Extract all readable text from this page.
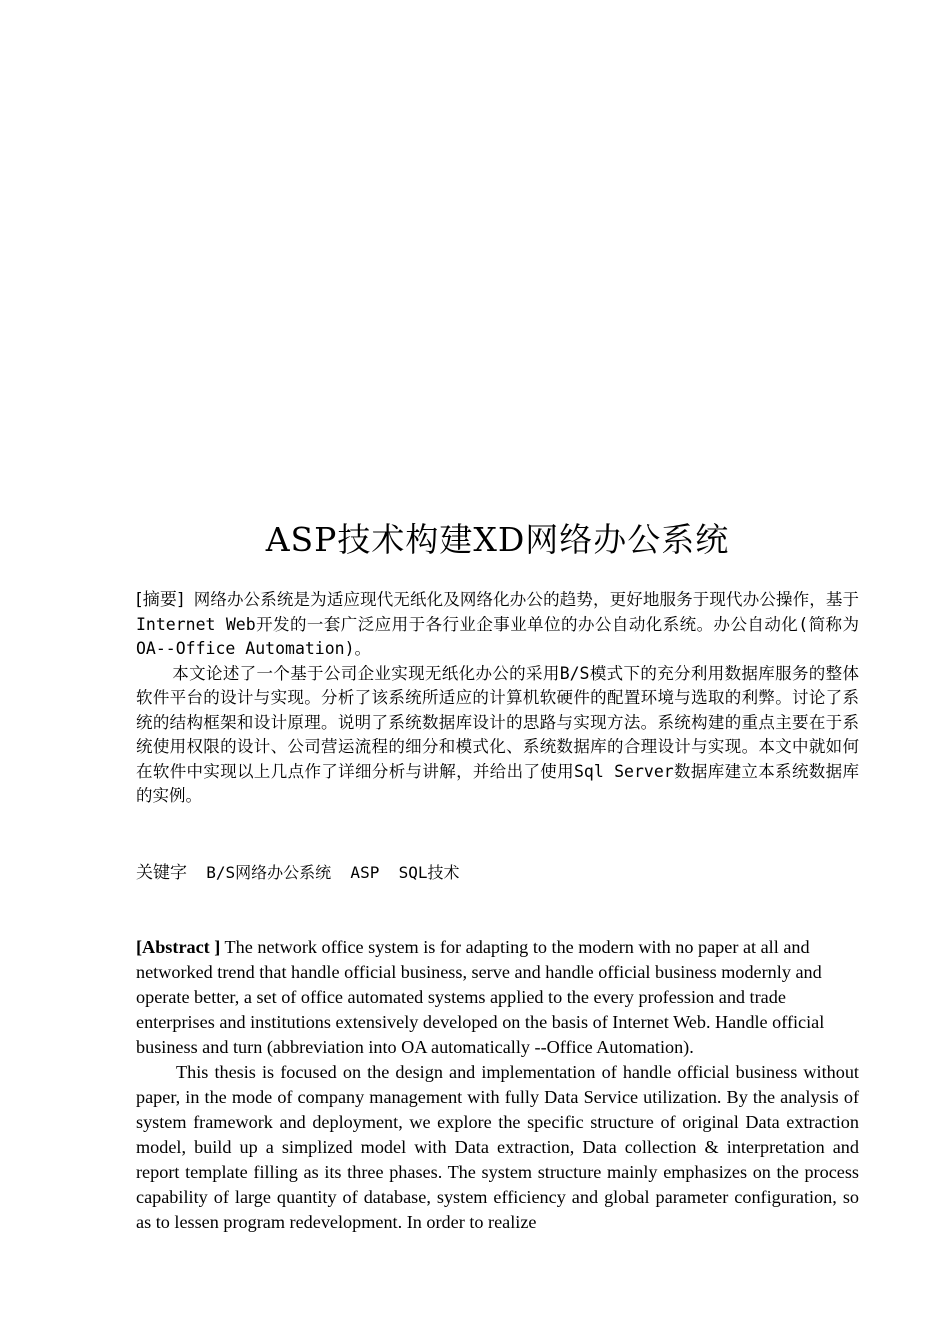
ASP技术构建XD网络办公系统

[摘要] 网络办公系统是为适应现代无纸化及网络化办公的趋势，更好地服务于现代办公操作，基于Internet Web开发的一套广泛应用于各行业企事业单位的办公自动化系统。办公自动化(简称为OA--Office Automation)。

本文论述了一个基于公司企业实现无纸化办公的采用B/S模式下的充分利用数据库服务的整体软件平台的设计与实现。分析了该系统所适应的计算机软硬件的配置环境与选取的利弊。讨论了系统的结构框架和设计原理。说明了系统数据库设计的思路与实现方法。系统构建的重点主要在于系统使用权限的设计、公司营运流程的细分和模式化、系统数据库的合理设计与实现。本文中就如何在软件中实现以上几点作了详细分析与讲解，并给出了使用Sql Server数据库建立本系统数据库的实例。

关键字  B/S网络办公系统  ASP  SQL技术

[Abstract ] The network office system is for adapting to the modern with no paper at all and networked trend that handle official business, serve and handle official business modernly and operate better, a set of office automated systems applied to the every profession and trade enterprises and institutions extensively developed on the basis of Internet Web. Handle official business and turn (abbreviation into OA automatically --Office Automation).

This thesis is focused on the design and implementation of handle official business without paper, in the mode of company management with fully Data Service utilization. By the analysis of system framework and deployment, we explore the specific structure of original Data extraction model, build up a simplized model with Data extraction, Data collection & interpretation and report template filling as its three phases. The system structure mainly emphasizes on the process capability of large quantity of database, system efficiency and global parameter configuration, so as to lessen program redevelopment. In order to realize
